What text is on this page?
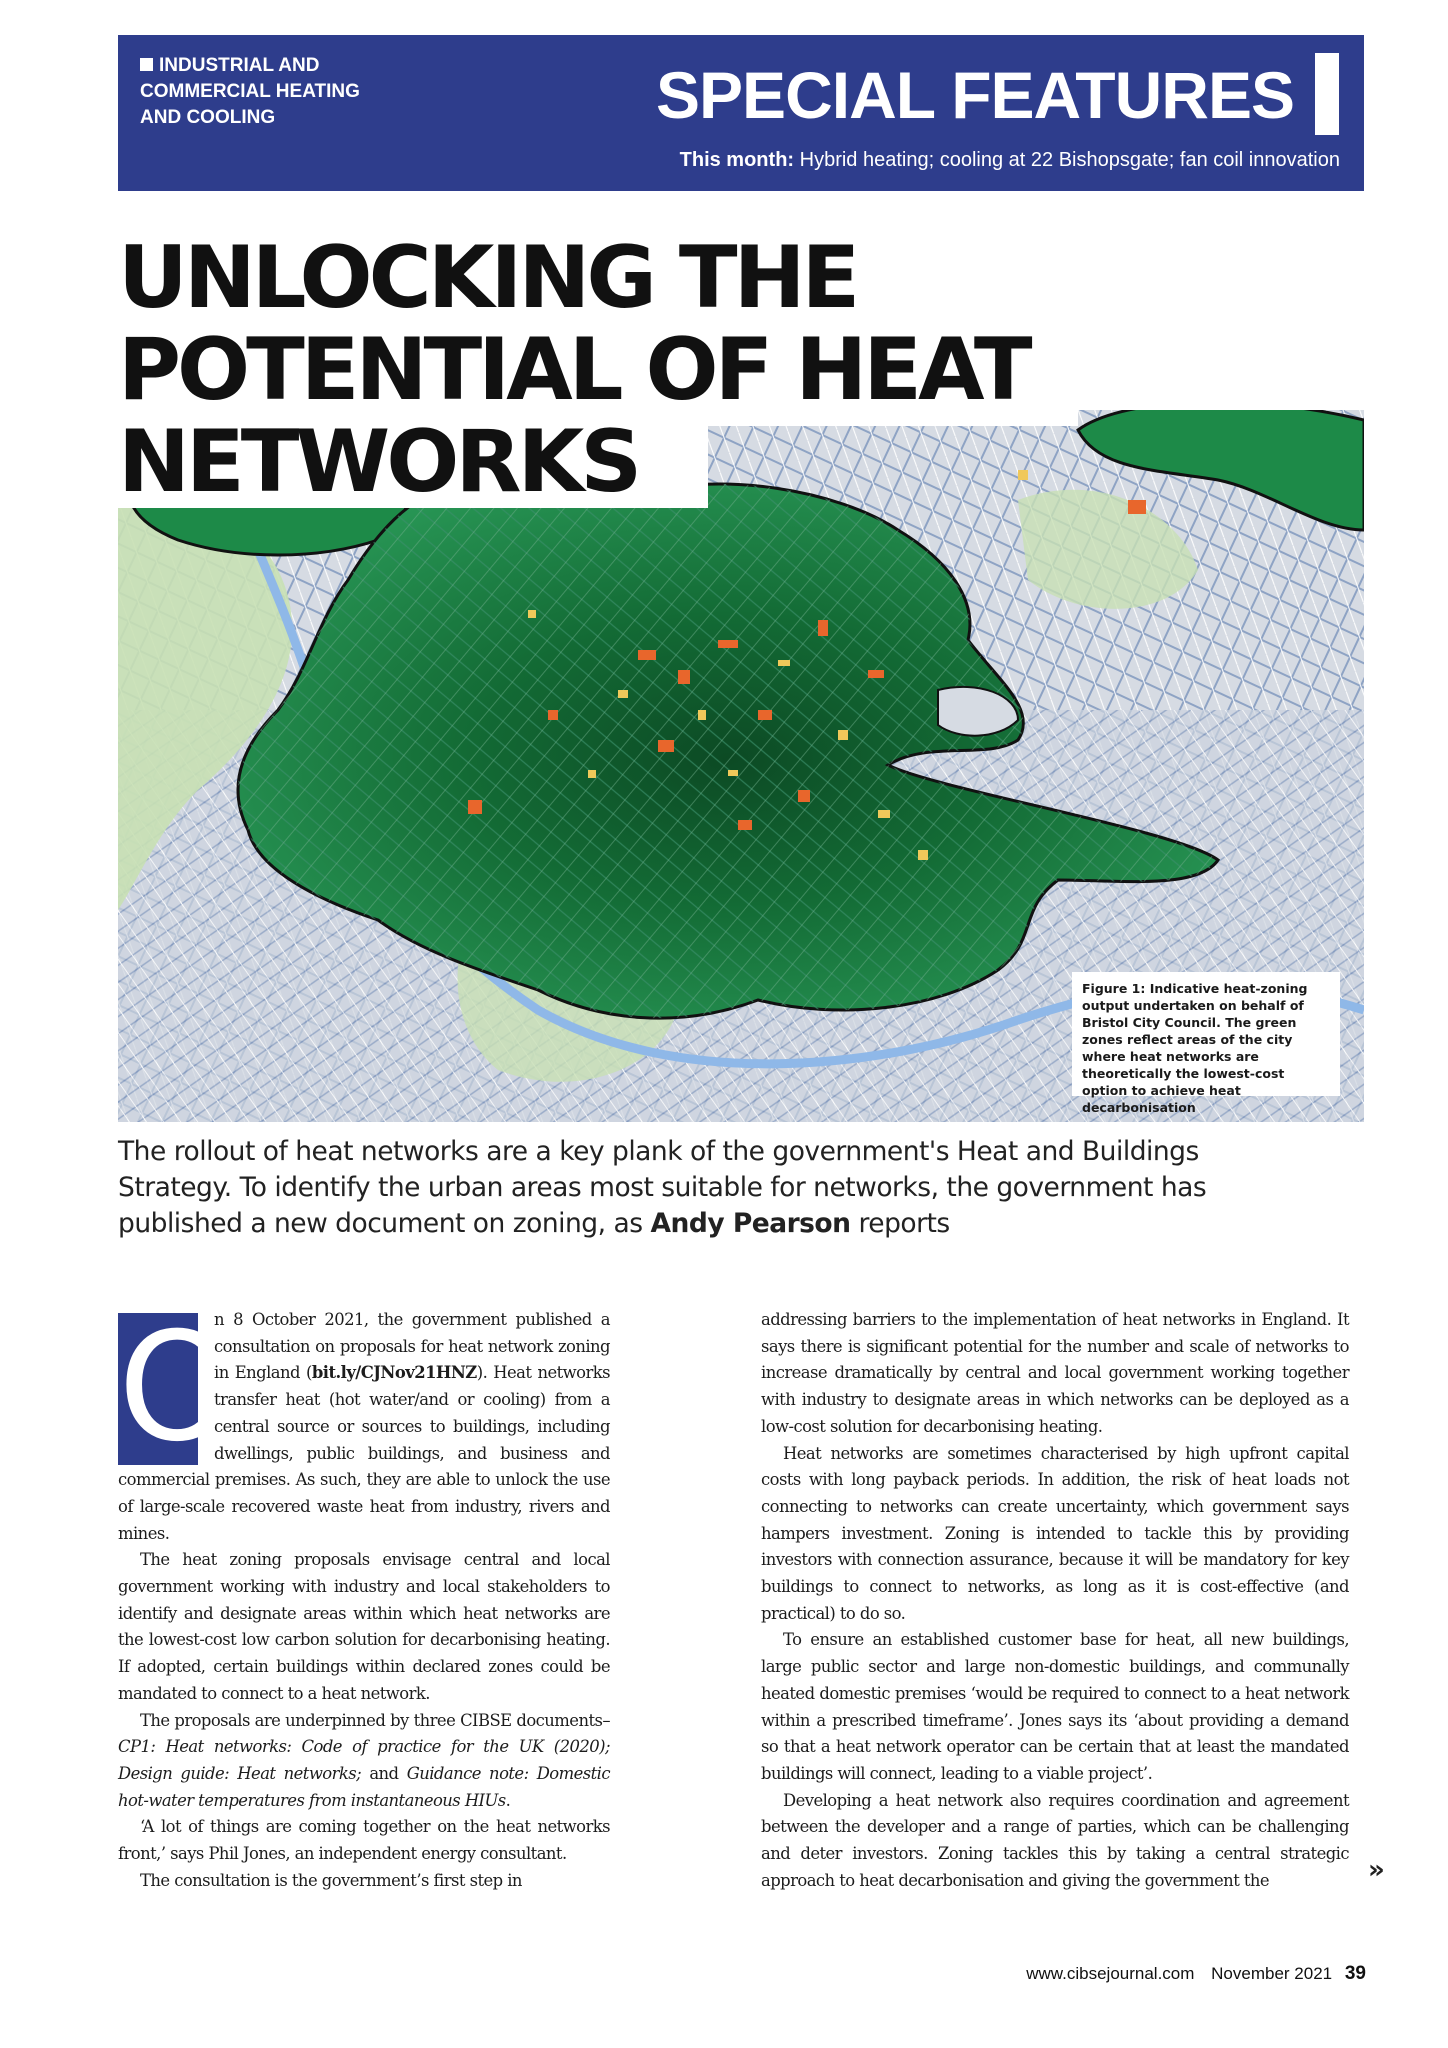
INDUSTRIAL AND
COMMERCIAL HEATING
AND COOLING	SPECIAL FEATURES
This month: Hybrid heating; cooling at 22 Bishopsgate; fan coil innovation
UNLOCKING THE
POTENTIAL OF HEAT
NETWORKS
Figure 1: Indicative heat-zoning output undertaken on behalf of Bristol City Council. The green zones reflect areas of the city where heat networks are theoretically the lowest-cost option to achieve heat decarbonisation
The rollout of heat networks are a key plank of the government's Heat and Buildings Strategy. To identify the urban areas most suitable for networks, the government has published a new document on zoning, as Andy Pearson reports

O
n 8 October 2021, the government published a consultation on proposals for heat network zoning in England (bit.ly/CJNov21HNZ). Heat networks transfer heat (hot water/and or cooling) from a central source or sources to buildings, including dwellings, public buildings, and business and commercial premises. As such, they are able to unlock the use of large-scale recovered waste heat from industry, rivers and mines.

The heat zoning proposals envisage central and local government working with industry and local stakeholders to identify and designate areas within which heat networks are the lowest-cost low carbon solution for decarbonising heating. If adopted, certain buildings within declared zones could be mandated to connect to a heat network.

The proposals are underpinned by three CIBSE documents– CP1: Heat networks: Code of practice for the UK (2020); Design guide: Heat networks; and Guidance note: Domestic hot-water temperatures from instantaneous HIUs.

‘A lot of things are coming together on the heat networks front,’ says Phil Jones, an independent energy consultant.

The consultation is the government’s first step in

addressing barriers to the implementation of heat networks in England. It says there is significant potential for the number and scale of networks to increase dramatically by central and local government working together with industry to designate areas in which networks can be deployed as a low-cost solution for decarbonising heating.

Heat networks are sometimes characterised by high upfront capital costs with long payback periods. In addition, the risk of heat loads not connecting to networks can create uncertainty, which government says hampers investment. Zoning is intended to tackle this by providing investors with connection assurance, because it will be mandatory for key buildings to connect to networks, as long as it is cost-effective (and practical) to do so.

To ensure an established customer base for heat, all new buildings, large public sector and large non-domestic buildings, and communally heated domestic premises ‘would be required to connect to a heat network within a prescribed timeframe’. Jones says its ‘about providing a demand so that a heat network operator can be certain that at least the mandated buildings will connect, leading to a viable project’.

Developing a heat network also requires coordination and agreement between the developer and a range of parties, which can be challenging and deter investors. Zoning tackles this by taking a central strategic approach to heat decarbonisation and giving the government the	»
www.cibsejournal.com November 2021 39
